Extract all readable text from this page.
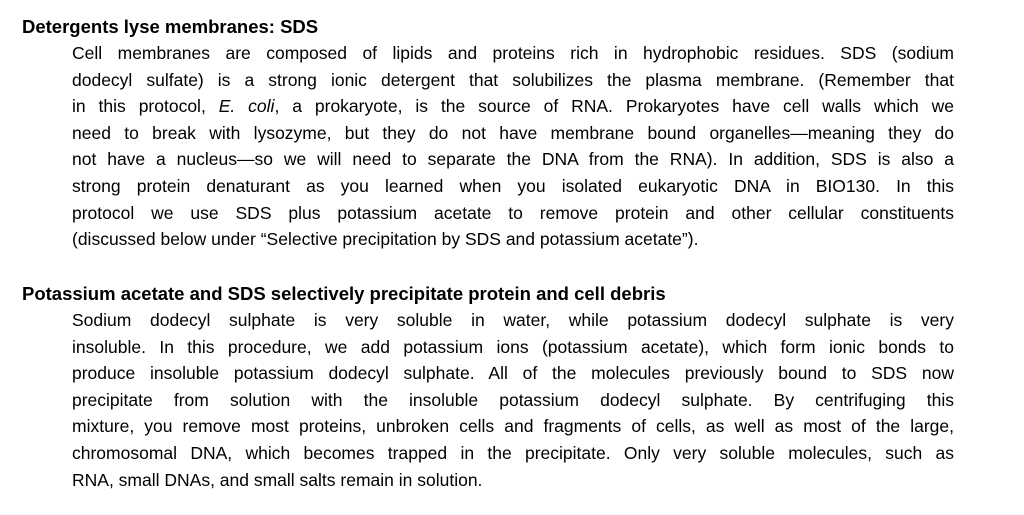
Detergents lyse membranes: SDS
Cell membranes are composed of lipids and proteins rich in hydrophobic residues. SDS (sodium
dodecyl sulfate) is a strong ionic detergent that solubilizes the plasma membrane. (Remember that
in this protocol, E. coli, a prokaryote, is the source of RNA. Prokaryotes have cell walls which we
need to break with lysozyme, but they do not have membrane bound organelles—meaning they do
not have a nucleus—so we will need to separate the DNA from the RNA). In addition, SDS is also a
strong protein denaturant as you learned when you isolated eukaryotic DNA in BIO130. In this
protocol we use SDS plus potassium acetate to remove protein and other cellular constituents
(discussed below under “Selective precipitation by SDS and potassium acetate”).
Potassium acetate and SDS selectively precipitate protein and cell debris
Sodium dodecyl sulphate is very soluble in water, while potassium dodecyl sulphate is very
insoluble. In this procedure, we add potassium ions (potassium acetate), which form ionic bonds to
produce insoluble potassium dodecyl sulphate. All of the molecules previously bound to SDS now
precipitate from solution with the insoluble potassium dodecyl sulphate. By centrifuging this
mixture, you remove most proteins, unbroken cells and fragments of cells, as well as most of the large,
chromosomal DNA, which becomes trapped in the precipitate. Only very soluble molecules, such as
RNA, small DNAs, and small salts remain in solution.
